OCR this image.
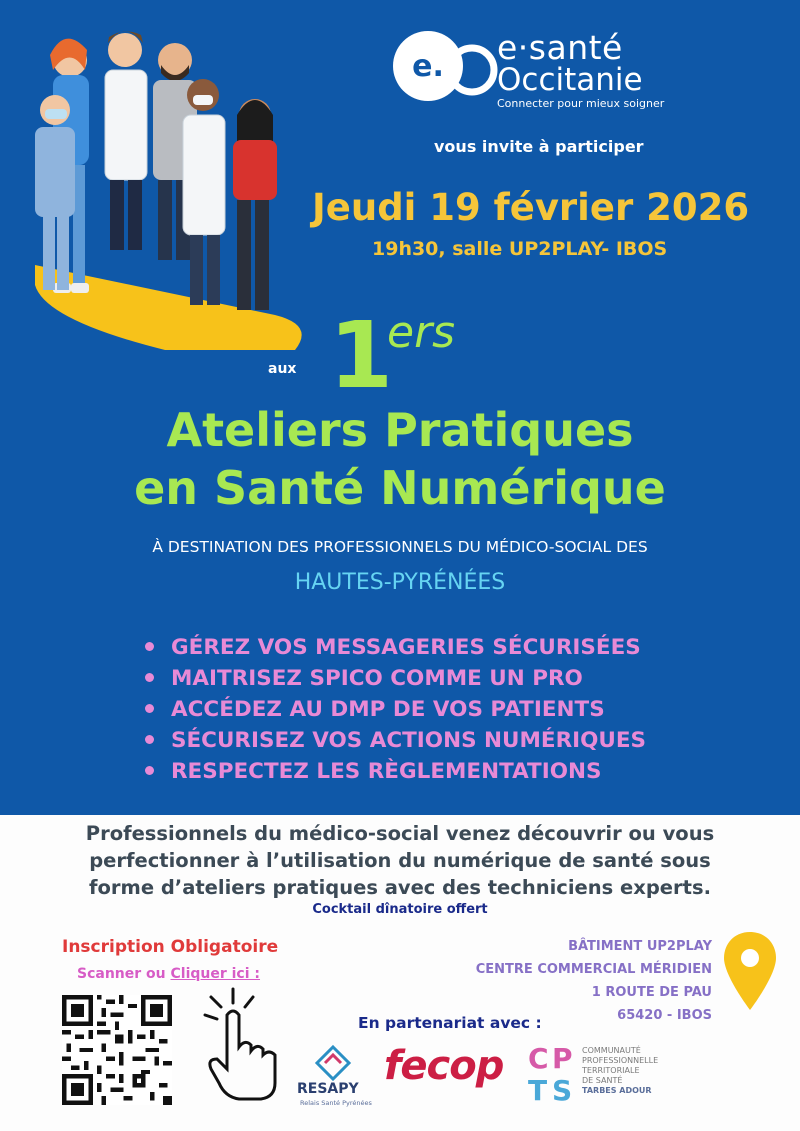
e. e·santé
Occitanie
Connecter pour mieux soigner
vous invite à participer
Jeudi 19 février 2026
19h30, salle UP2PLAY- IBOS
aux 1
ers
Ateliers Pratiques
en Santé Numérique
À DESTINATION DES PROFESSIONNELS DU MÉDICO-SOCIAL DES
HAUTES-PYRÉNÉES
GÉREZ VOS MESSAGERIES SÉCURISÉES
MAITRISEZ SPICO COMME UN PRO
ACCÉDEZ AU DMP DE VOS PATIENTS
SÉCURISEZ VOS ACTIONS NUMÉRIQUES
RESPECTEZ LES RÈGLEMENTATIONS
Professionnels du médico-social venez découvrir ou vous
perfectionner à l’utilisation du numérique de santé sous
forme d’ateliers pratiques avec des techniciens experts.
Cocktail dînatoire offert
Inscription Obligatoire
Scanner ou Cliquer ici :
BÂTIMENT UP2PLAY
CENTRE COMMERCIAL MÉRIDIEN
1 ROUTE DE PAU
65420 - IBOS
En partenariat avec :
RESAPY
Relais Santé Pyrénées
fecop C P
T S
COMMUNAUTÉ
PROFESSIONNELLE
TERRITORIALE
DE SANTÉ
TARBES ADOUR
